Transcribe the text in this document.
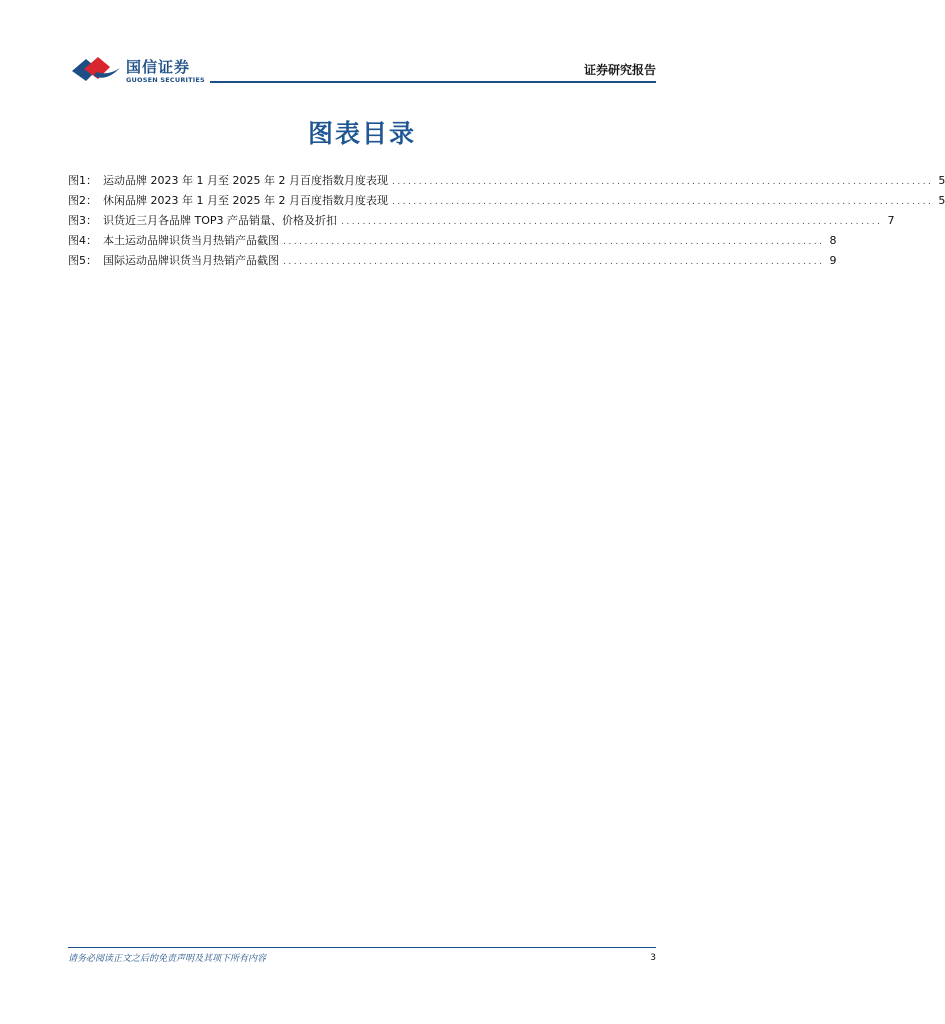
国信证券
GUOSEN SECURITIES
证券研究报告
图表目录
图1： 运动品牌 2023 年 1 月至 2025 年 2 月百度指数月度表现 ..................................................................................................... 5
图2： 休闲品牌 2023 年 1 月至 2025 年 2 月百度指数月度表现 ..................................................................................................... 5
图3： 识货近三月各品牌 TOP3 产品销量、价格及折扣 ..................................................................................................... 7
图4： 本土运动品牌识货当月热销产品截图 ..................................................................................................... 8
图5： 国际运动品牌识货当月热销产品截图 ..................................................................................................... 9
请务必阅读正文之后的免责声明及其项下所有内容	3
